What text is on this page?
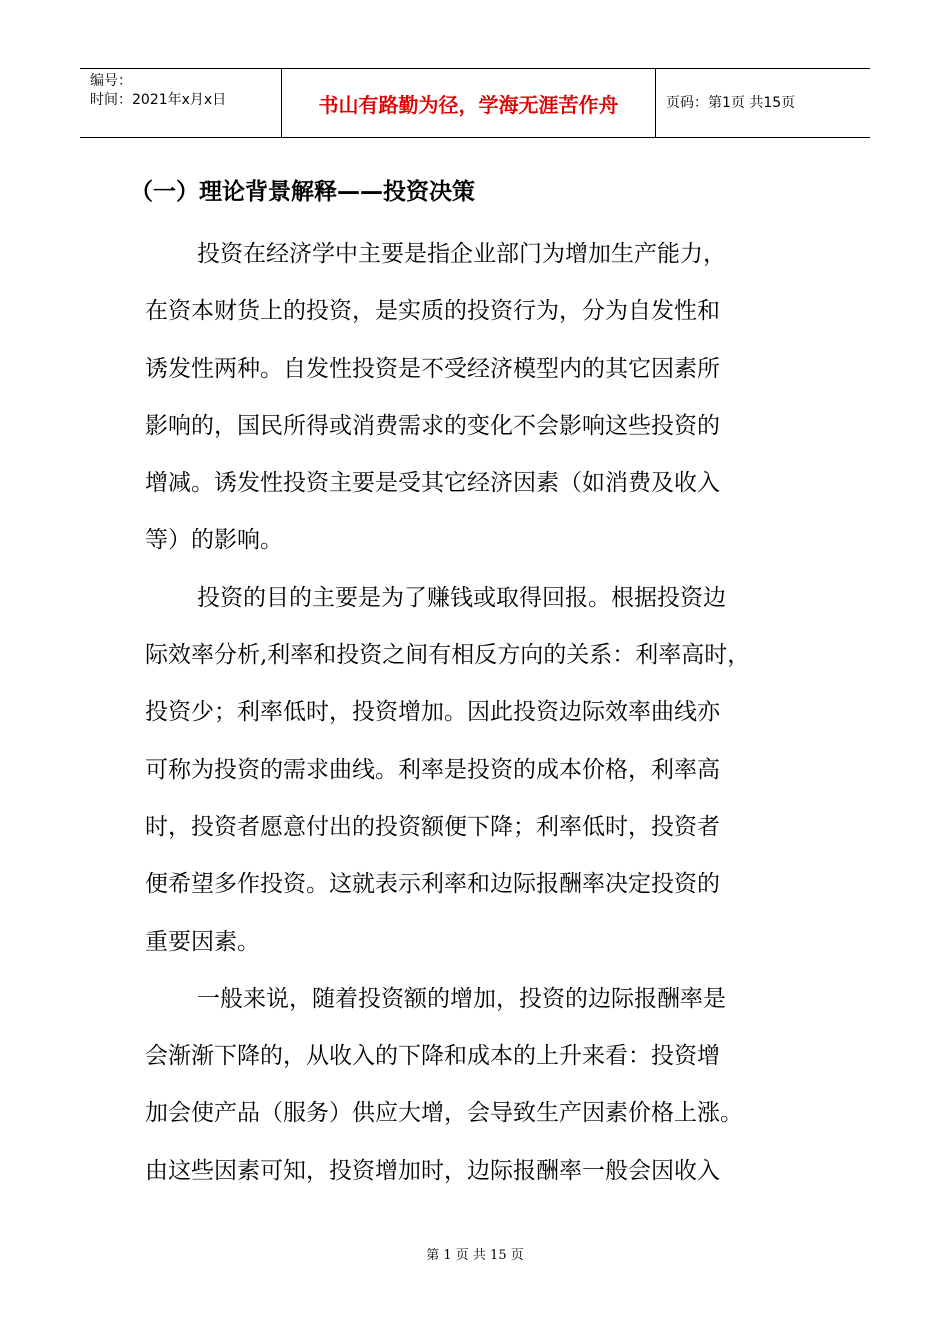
编号：
时间：2021年x月x日	书山有路勤为径，学海无涯苦作舟	页码：第1页 共15页
（一）理论背景解释——投资决策
投资在经济学中主要是指企业部门为增加生产能力，
在资本财货上的投资，是实质的投资行为，分为自发性和
诱发性两种。自发性投资是不受经济模型内的其它因素所
影响的，国民所得或消费需求的变化不会影响这些投资的
增减。诱发性投资主要是受其它经济因素（如消费及收入
等）的影响。
投资的目的主要是为了赚钱或取得回报。根据投资边
际效率分析,利率和投资之间有相反方向的关系：利率高时，
投资少；利率低时，投资增加。因此投资边际效率曲线亦
可称为投资的需求曲线。利率是投资的成本价格，利率高
时，投资者愿意付出的投资额便下降；利率低时，投资者
便希望多作投资。这就表示利率和边际报酬率决定投资的
重要因素。
一般来说，随着投资额的增加，投资的边际报酬率是
会渐渐下降的，从收入的下降和成本的上升来看：投资增
加会使产品（服务）供应大增，会导致生产因素价格上涨。
由这些因素可知，投资增加时，边际报酬率一般会因收入
第 1 页 共 15 页
